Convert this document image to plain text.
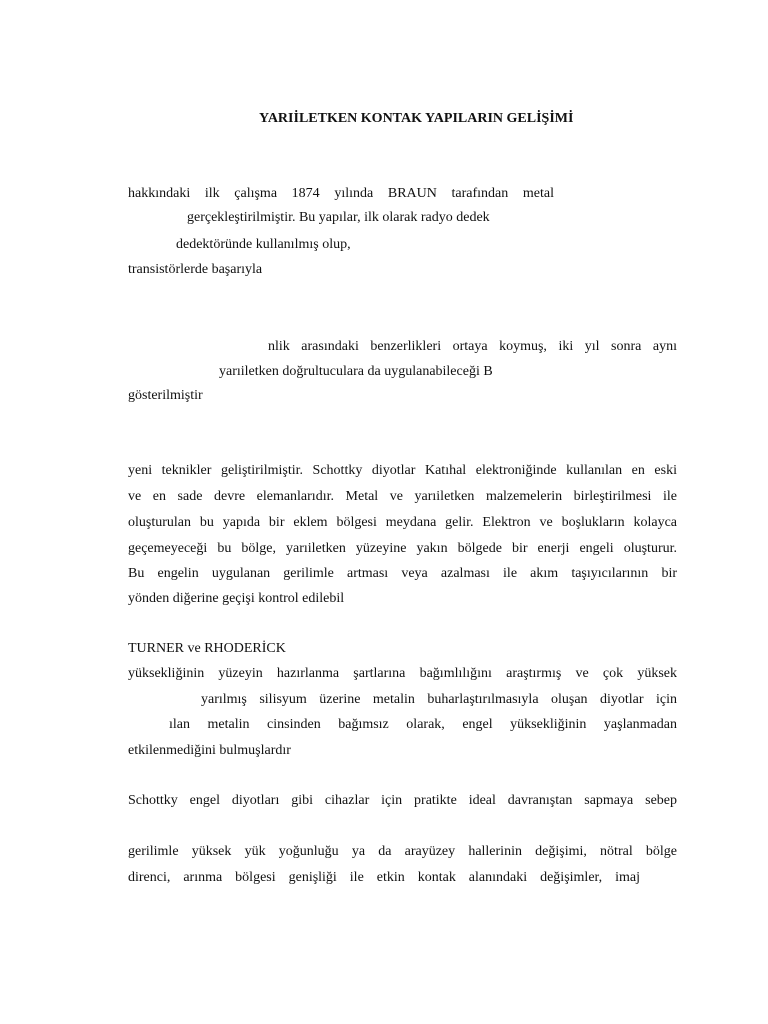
YARIİLETKEN KONTAK YAPILARIN GELİŞİMİ
hakkındaki ilk çalışma 1874 yılında BRAUN tarafından metal
gerçekleştirilmiştir. Bu yapılar, ilk olarak radyo dedek
dedektöründe kullanılmış olup,
transistörlerde başarıyla
nlik arasındaki benzerlikleri ortaya koymuş, iki yıl sonra aynı
yarıiletken doğrultuculara da uygulanabileceği B
gösterilmiştir
yeni teknikler geliştirilmiştir. Schottky diyotlar Katıhal elektroniğinde kullanılan en eski
ve en sade devre elemanlarıdır. Metal ve yarıiletken malzemelerin birleştirilmesi ile
oluşturulan bu yapıda bir eklem bölgesi meydana gelir. Elektron ve boşlukların kolayca
geçemeyeceği bu bölge, yarıiletken yüzeyine yakın bölgede bir enerji engeli oluşturur.
Bu engelin uygulanan gerilimle artması veya azalması ile akım taşıyıcılarının bir
yönden diğerine geçişi kontrol edilebil
TURNER ve RHODERİCK
yüksekliğinin yüzeyin hazırlanma şartlarına bağımlılığını araştırmış ve çok yüksek
yarılmış silisyum üzerine metalin buharlaştırılmasıyla oluşan diyotlar için
ılan metalin cinsinden bağımsız olarak, engel yüksekliğinin yaşlanmadan
etkilenmediğini bulmuşlardır
Schottky engel diyotları gibi cihazlar için pratikte ideal davranıştan sapmaya sebep
gerilimle yüksek yük yoğunluğu ya da arayüzey hallerinin değişimi, nötral bölge
direnci, arınma bölgesi genişliği ile etkin kontak alanındaki değişimler, imaj
